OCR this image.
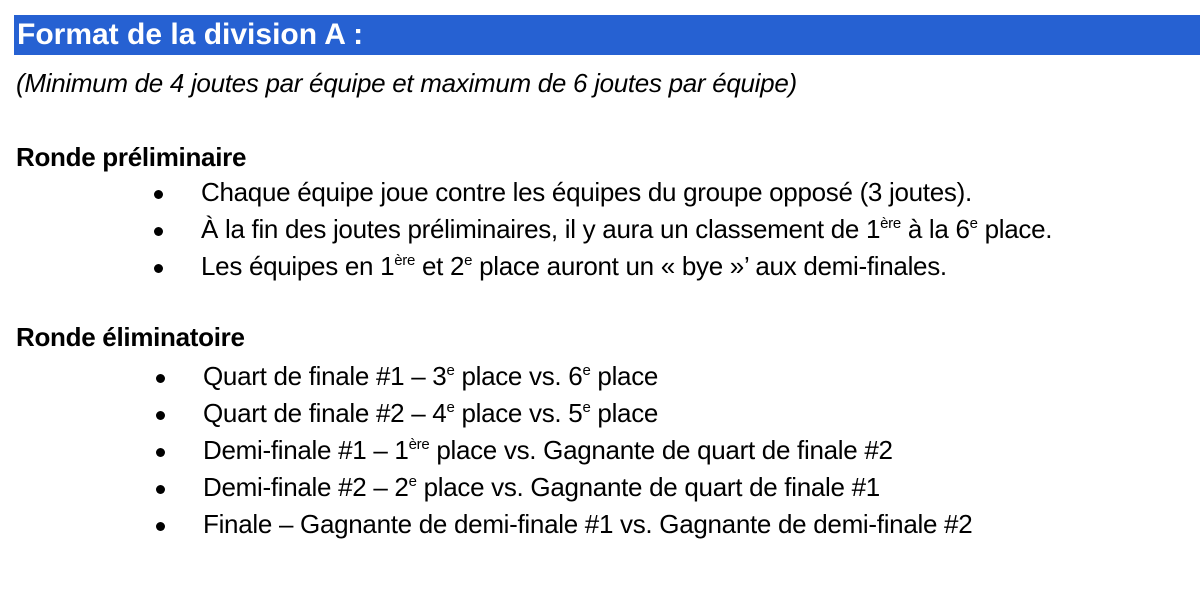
Format de la division A :
(Minimum de 4 joutes par équipe et maximum de 6 joutes par équipe)
Ronde préliminaire
Chaque équipe joue contre les équipes du groupe opposé (3 joutes).
À la fin des joutes préliminaires, il y aura un classement de 1ère à la 6e place.
Les équipes en 1ère et 2e place auront un « bye »’ aux demi-finales.
Ronde éliminatoire
Quart de finale #1 – 3e place vs. 6e place
Quart de finale #2 – 4e place vs. 5e place
Demi-finale #1 – 1ère place vs. Gagnante de quart de finale #2
Demi-finale #2 – 2e place vs. Gagnante de quart de finale #1
Finale – Gagnante de demi-finale #1 vs. Gagnante de demi-finale #2
